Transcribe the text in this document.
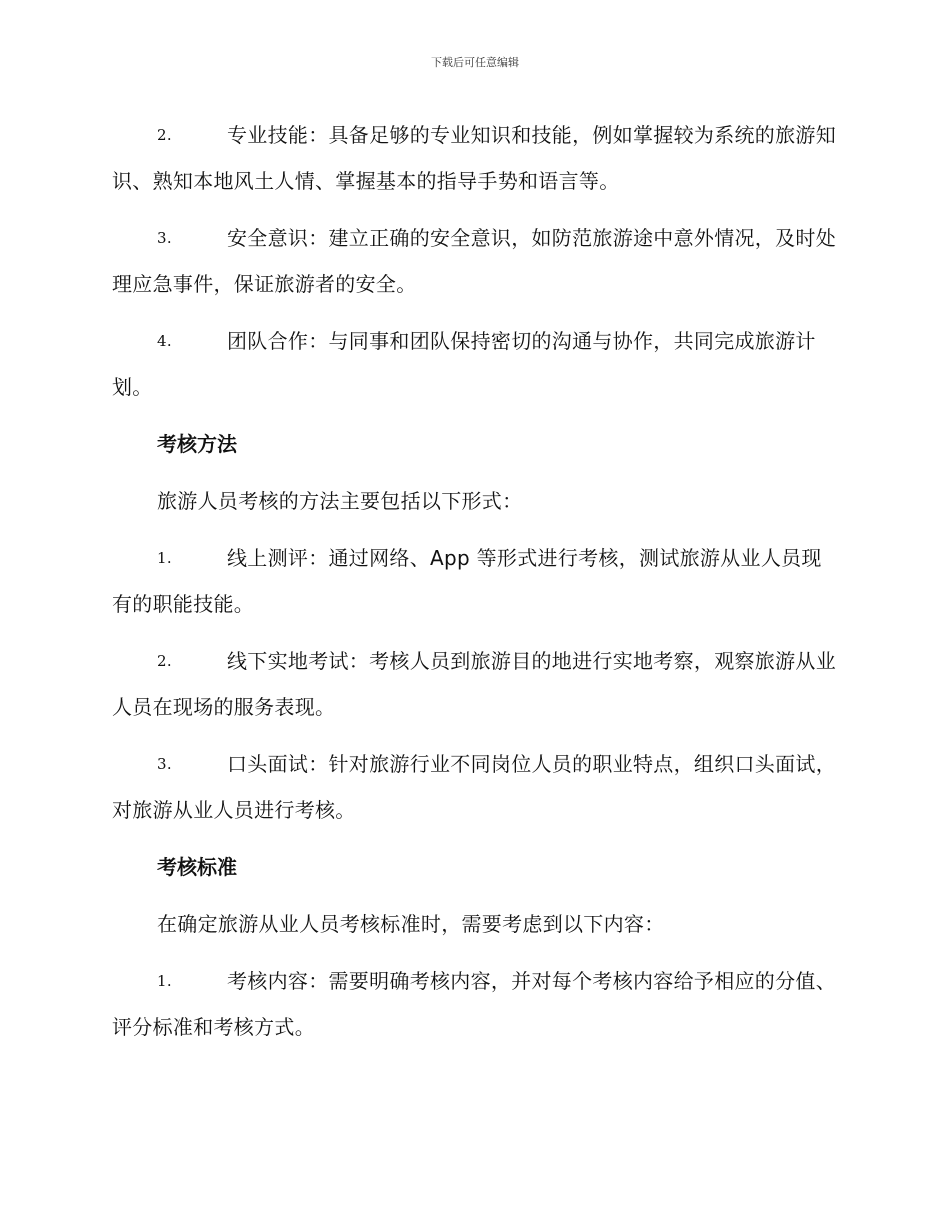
下载后可任意编辑

2.	专业技能：具备足够的专业知识和技能，例如掌握较为系统的旅游知识、熟知本地风土人情、掌握基本的指导手势和语言等。

3.	安全意识：建立正确的安全意识，如防范旅游途中意外情况，及时处理应急事件，保证旅游者的安全。

4.	团队合作：与同事和团队保持密切的沟通与协作，共同完成旅游计划。

考核方法

旅游人员考核的方法主要包括以下形式：

1.	线上测评：通过网络、App 等形式进行考核，测试旅游从业人员现有的职能技能。

2.	线下实地考试：考核人员到旅游目的地进行实地考察，观察旅游从业人员在现场的服务表现。

3.	口头面试：针对旅游行业不同岗位人员的职业特点，组织口头面试，对旅游从业人员进行考核。

考核标准

在确定旅游从业人员考核标准时，需要考虑到以下内容：

1.	考核内容：需要明确考核内容，并对每个考核内容给予相应的分值、评分标准和考核方式。
